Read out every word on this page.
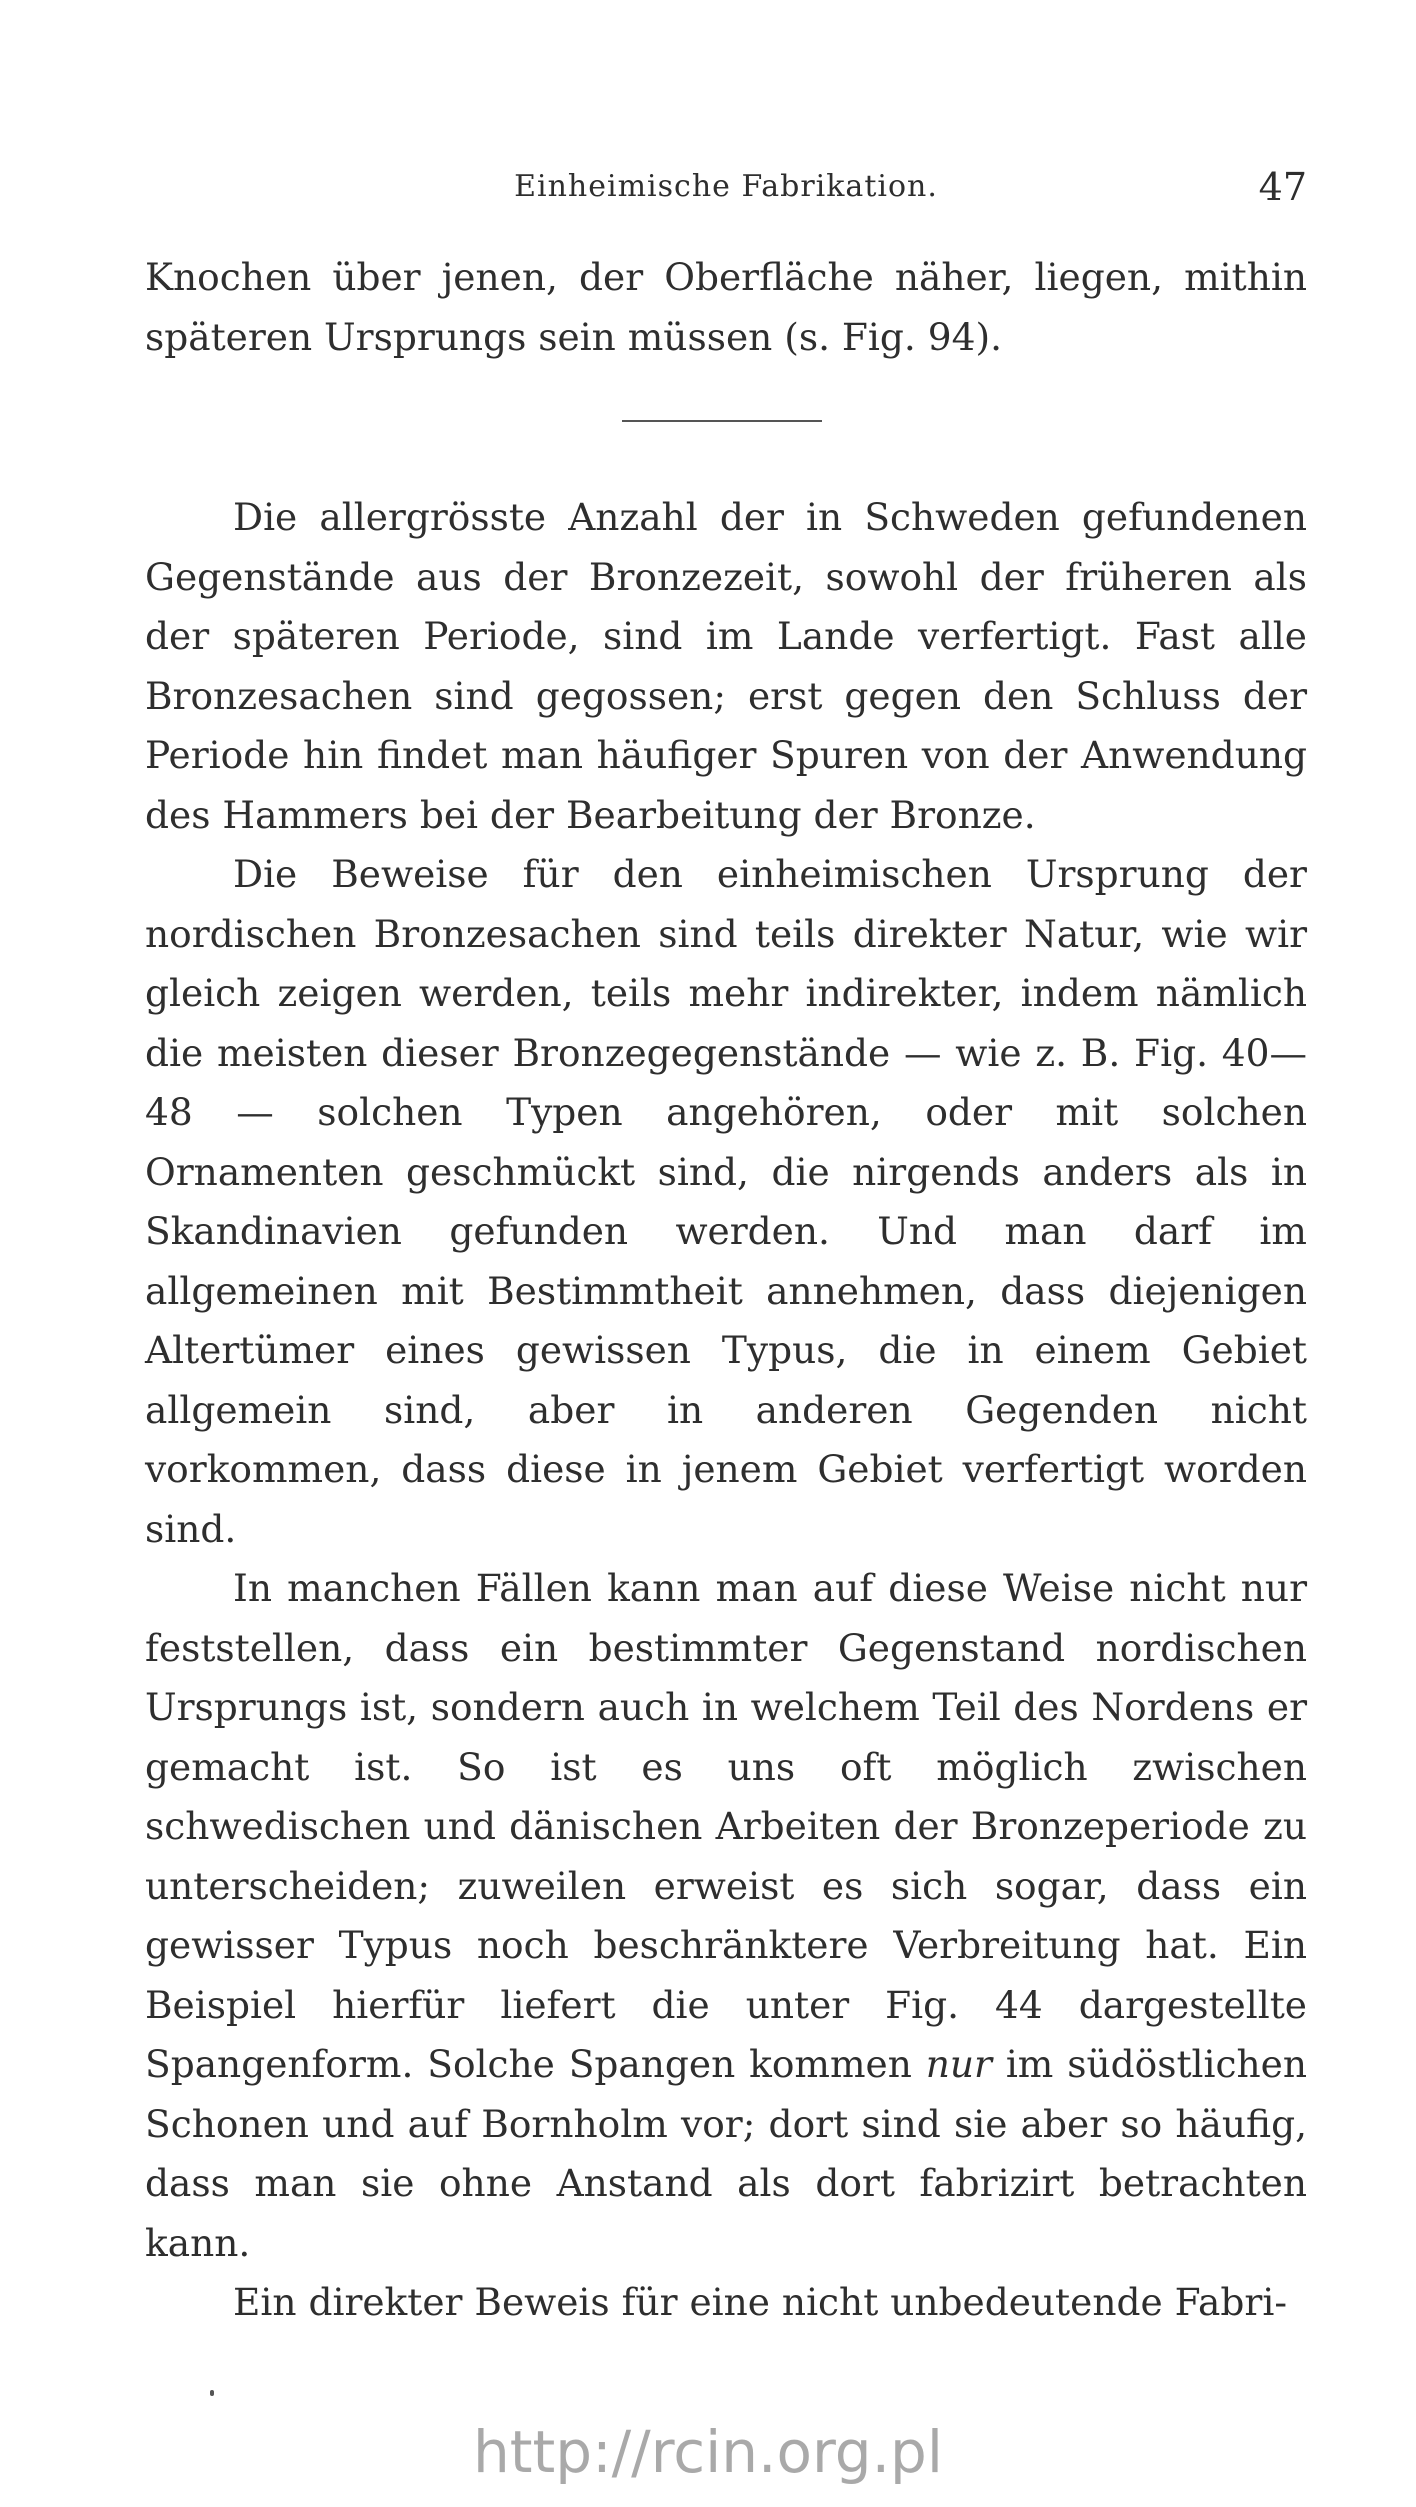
Einheimische Fabrikation.	47

Knochen über jenen, der Oberfläche näher, liegen, mithin späteren Ursprungs sein müssen (s. Fig. 94).

Die allergrösste Anzahl der in Schweden gefundenen Gegenstände aus der Bronzezeit, sowohl der früheren als der späteren Periode, sind im Lande verfertigt. Fast alle Bronzesachen sind gegossen; erst gegen den Schluss der Periode hin findet man häufiger Spuren von der Anwendung des Hammers bei der Bearbeitung der Bronze.

Die Beweise für den einheimischen Ursprung der nordischen Bronzesachen sind teils direkter Natur, wie wir gleich zeigen werden, teils mehr indirekter, indem nämlich die meisten dieser Bronzegegenstände — wie z. B. Fig. 40—48 — solchen Typen angehören, oder mit solchen Ornamenten geschmückt sind, die nirgends anders als in Skandinavien gefunden werden. Und man darf im allgemeinen mit Bestimmtheit annehmen, dass diejenigen Altertümer eines gewissen Typus, die in einem Gebiet allgemein sind, aber in anderen Gegenden nicht vorkommen, dass diese in jenem Gebiet verfertigt worden sind.

In manchen Fällen kann man auf diese Weise nicht nur feststellen, dass ein bestimmter Gegenstand nordischen Ursprungs ist, sondern auch in welchem Teil des Nordens er gemacht ist. So ist es uns oft möglich zwischen schwedischen und dänischen Arbeiten der Bronzeperiode zu unterscheiden; zuweilen erweist es sich sogar, dass ein gewisser Typus noch beschränktere Verbreitung hat. Ein Beispiel hierfür liefert die unter Fig. 44 dargestellte Spangenform. Solche Spangen kommen nur im südöstlichen Schonen und auf Bornholm vor; dort sind sie aber so häufig, dass man sie ohne Anstand als dort fabrizirt betrachten kann.

Ein direkter Beweis für eine nicht unbedeutende Fabri-

http://rcin.org.pl
